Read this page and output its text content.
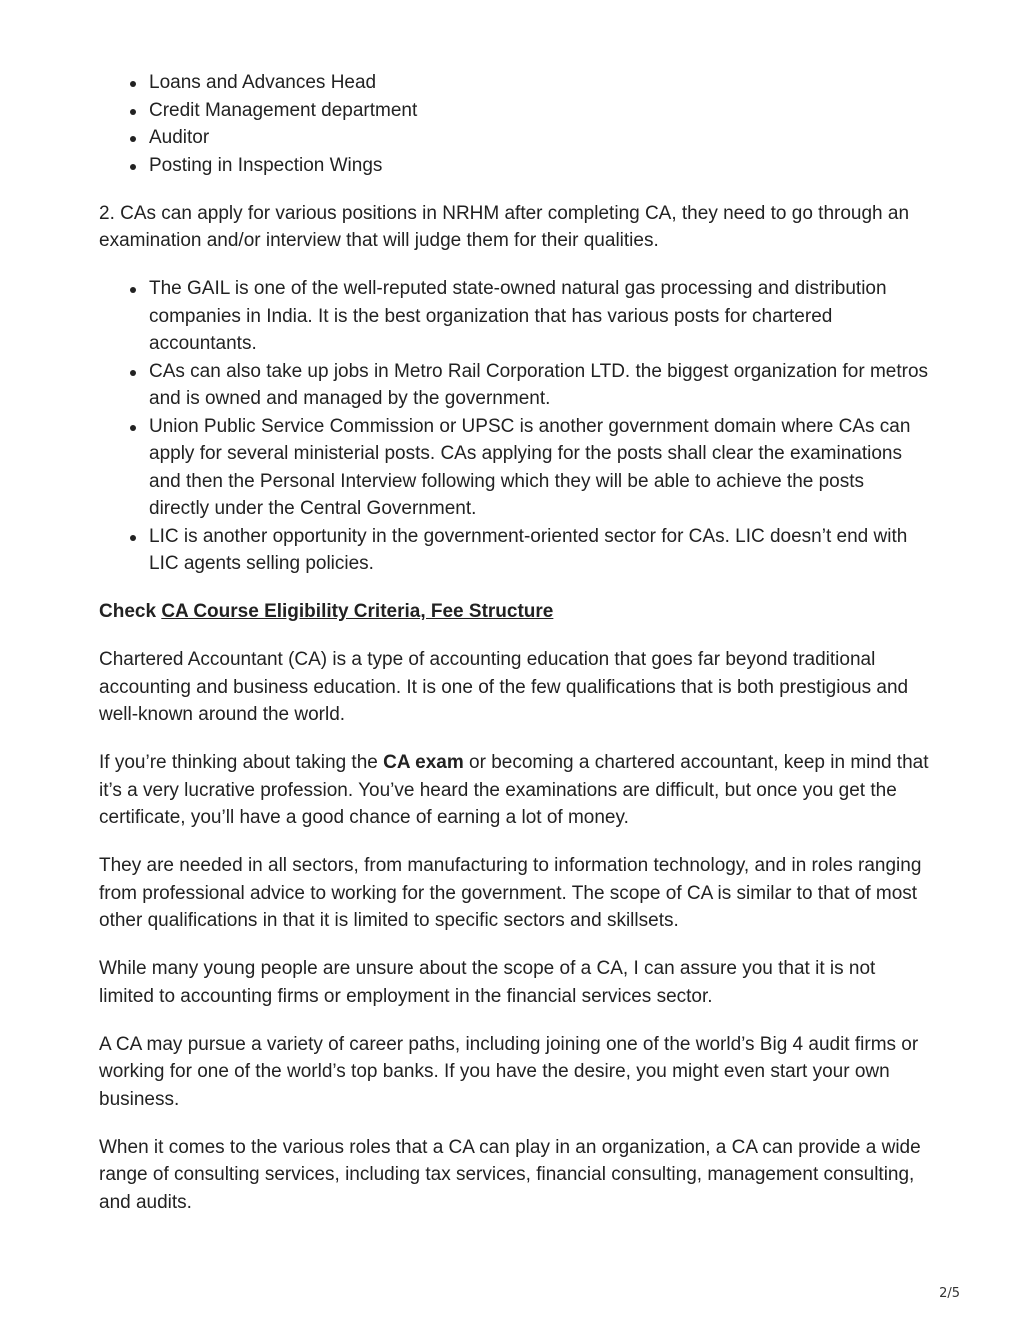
Loans and Advances Head
Credit Management department
Auditor
Posting in Inspection Wings

2. CAs can apply for various positions in NRHM after completing CA, they need to go through an examination and/or interview that will judge them for their qualities.

The GAIL is one of the well-reputed state-owned natural gas processing and distribution companies in India. It is the best organization that has various posts for chartered accountants.
CAs can also take up jobs in Metro Rail Corporation LTD. the biggest organization for metros and is owned and managed by the government.
Union Public Service Commission or UPSC is another government domain where CAs can apply for several ministerial posts. CAs applying for the posts shall clear the examinations and then the Personal Interview following which they will be able to achieve the posts directly under the Central Government.
LIC is another opportunity in the government-oriented sector for CAs. LIC doesn’t end with LIC agents selling policies.

Check CA Course Eligibility Criteria, Fee Structure

Chartered Accountant (CA) is a type of accounting education that goes far beyond traditional accounting and business education. It is one of the few qualifications that is both prestigious and well-known around the world.

If you’re thinking about taking the CA exam or becoming a chartered accountant, keep in mind that it’s a very lucrative profession. You’ve heard the examinations are difficult, but once you get the certificate, you’ll have a good chance of earning a lot of money.

They are needed in all sectors, from manufacturing to information technology, and in roles ranging from professional advice to working for the government. The scope of CA is similar to that of most other qualifications in that it is limited to specific sectors and skillsets.

While many young people are unsure about the scope of a CA, I can assure you that it is not limited to accounting firms or employment in the financial services sector.

A CA may pursue a variety of career paths, including joining one of the world’s Big 4 audit firms or working for one of the world’s top banks. If you have the desire, you might even start your own business.

When it comes to the various roles that a CA can play in an organization, a CA can provide a wide range of consulting services, including tax services, financial consulting, management consulting, and audits.

2/5
